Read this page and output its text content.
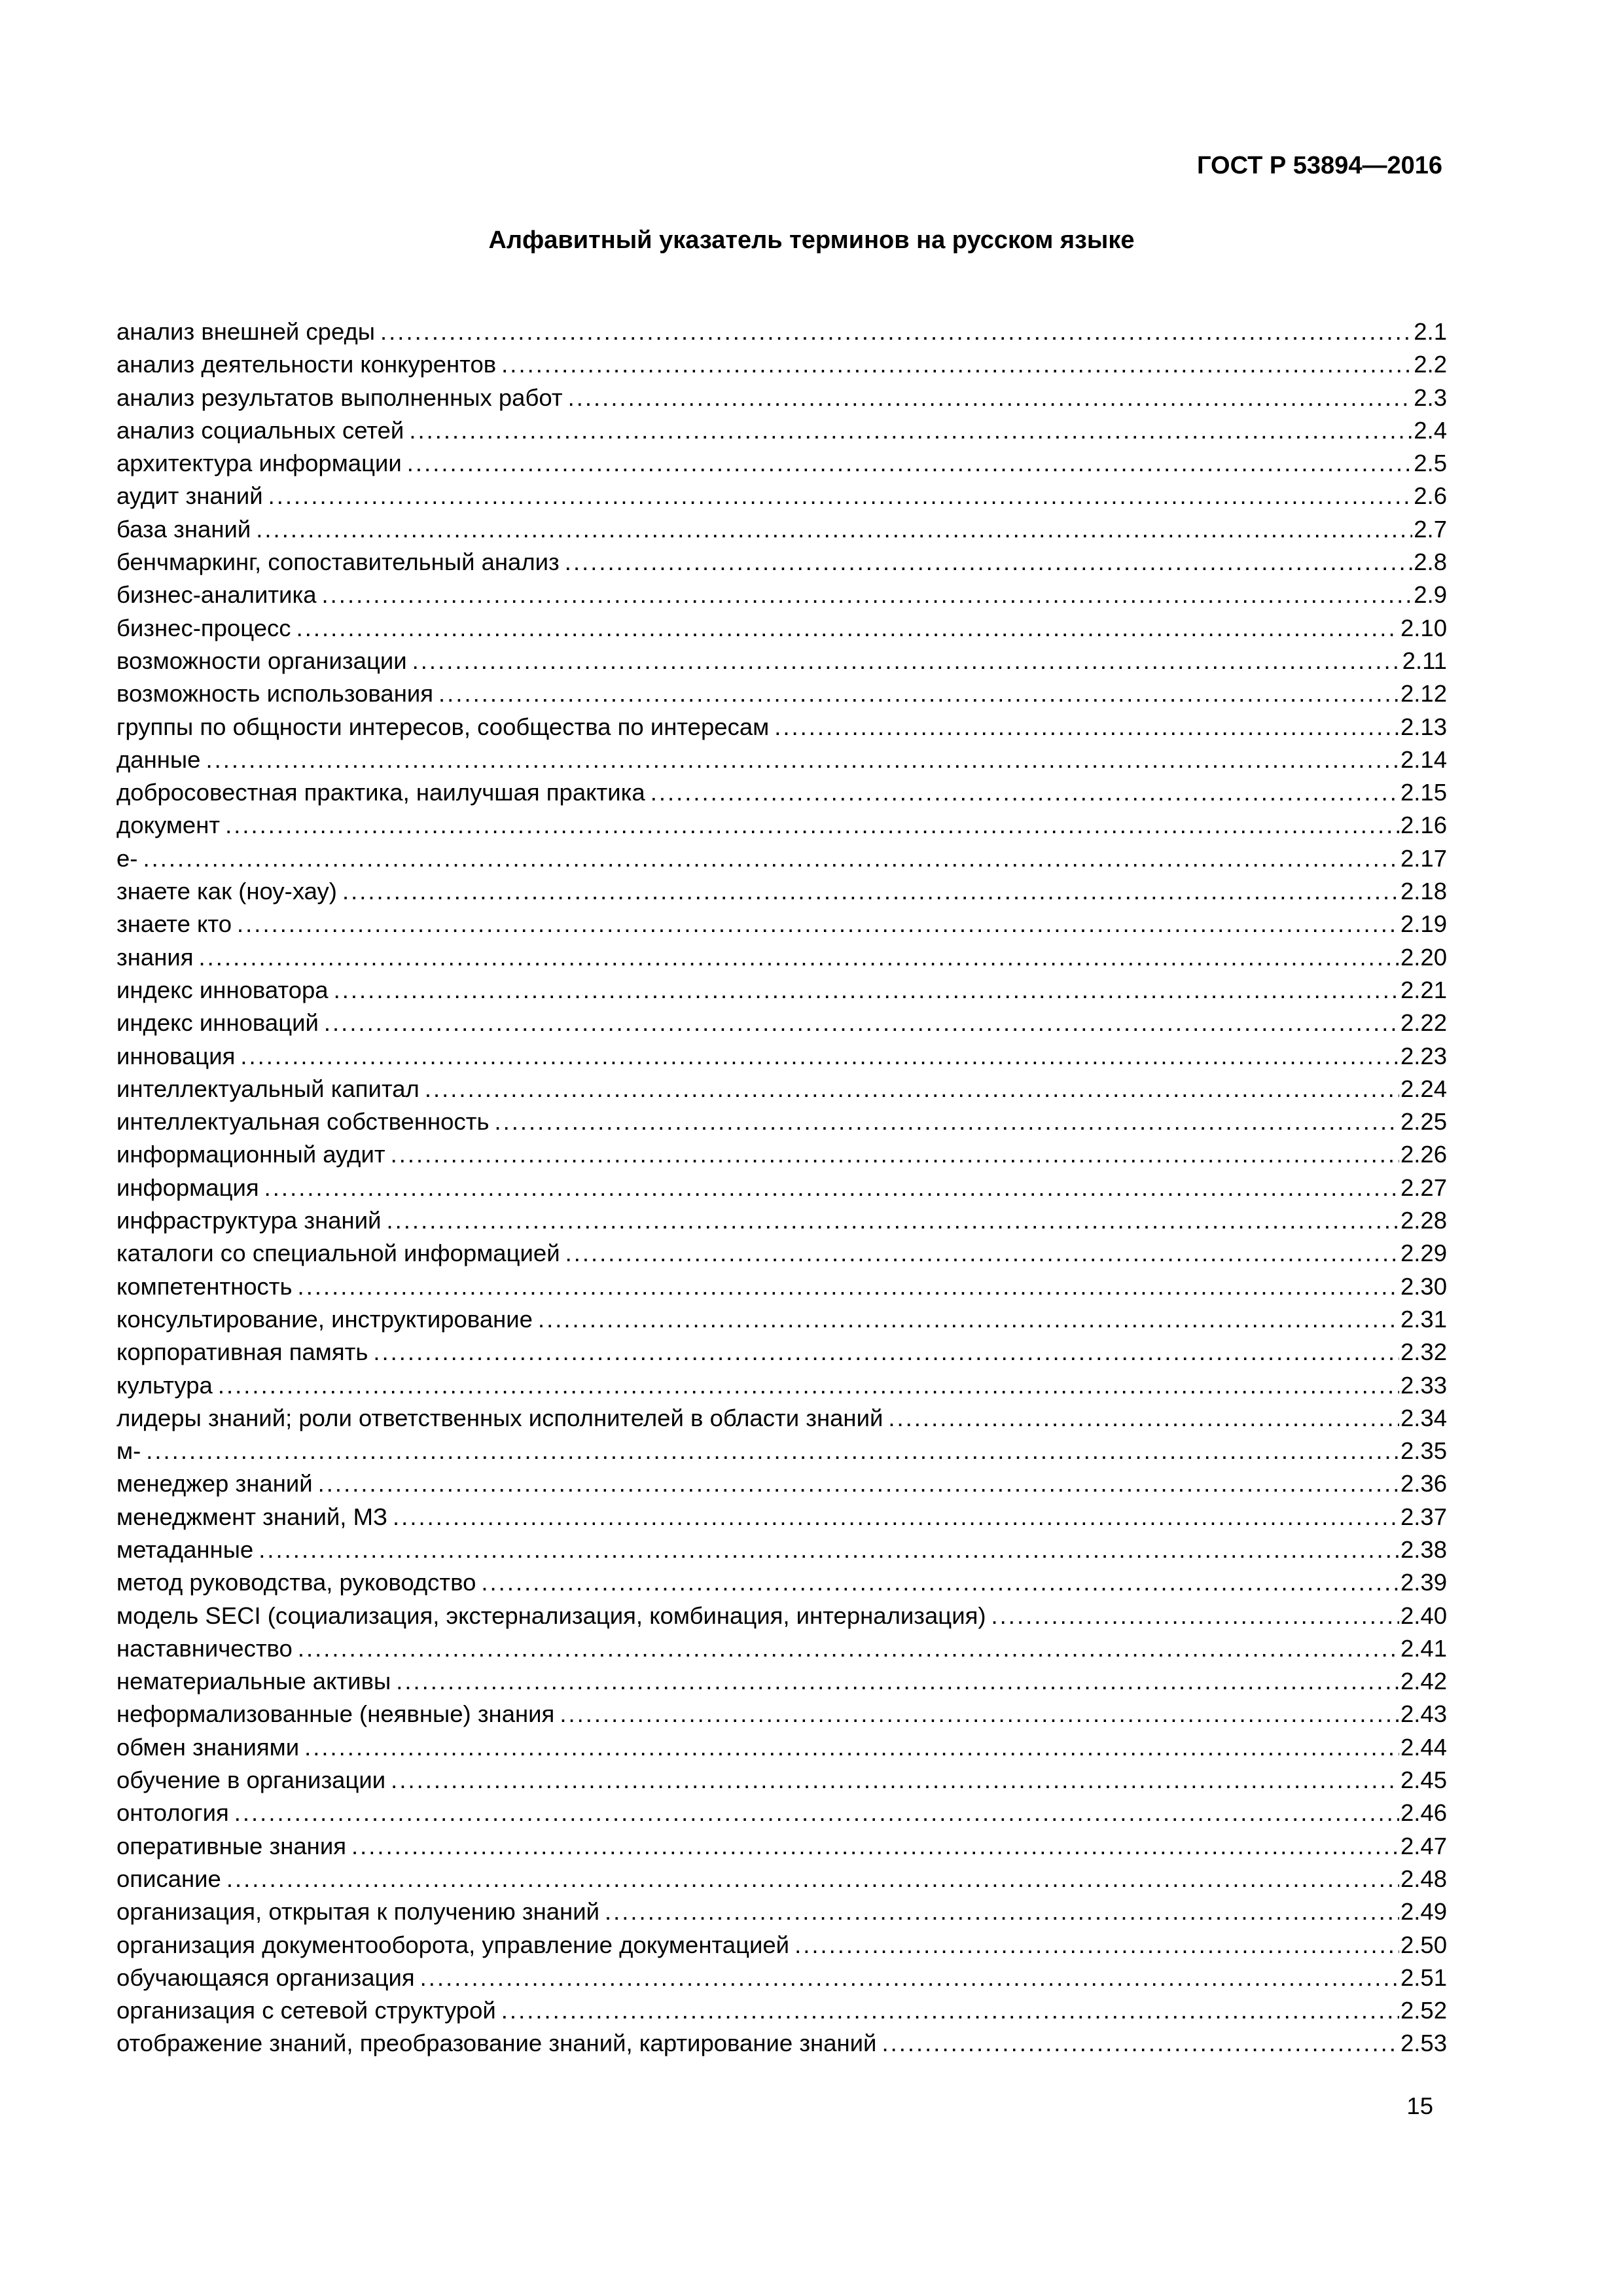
ГОСТ Р 53894—2016
Алфавитный указатель терминов на русском языке
анализ внешней среды .....	2.1
анализ деятельности конкурентов .....	2.2
анализ результатов выполненных работ .....	2.3
анализ социальных сетей .....	2.4
архитектура информации .....	2.5
аудит знаний .....	2.6
база знаний .....	2.7
бенчмаркинг, сопоставительный анализ .....	2.8
бизнес-аналитика .....	2.9
бизнес-процесс .....	2.10
возможности организации .....	2.11
возможность использования .....	2.12
группы по общности интересов, сообщества по интересам .....	2.13
данные .....	2.14
добросовестная практика, наилучшая практика .....	2.15
документ .....	2.16
е- .....	2.17
знаете как (ноу-хау) .....	2.18
знаете кто .....	2.19
знания .....	2.20
индекс инноватора .....	2.21
индекс инноваций .....	2.22
инновация .....	2.23
интеллектуальный капитал .....	2.24
интеллектуальная собственность .....	2.25
информационный аудит .....	2.26
информация .....	2.27
инфраструктура знаний .....	2.28
каталоги со специальной информацией .....	2.29
компетентность .....	2.30
консультирование, инструктирование .....	2.31
корпоративная память .....	2.32
культура .....	2.33
лидеры знаний; роли ответственных исполнителей в области знаний .....	2.34
м- .....	2.35
менеджер знаний .....	2.36
менеджмент знаний, МЗ .....	2.37
метаданные .....	2.38
метод руководства, руководство .....	2.39
модель SECI (социализация, экстернализация, комбинация, интернализация) .....	2.40
наставничество .....	2.41
нематериальные активы .....	2.42
неформализованные (неявные) знания .....	2.43
обмен знаниями .....	2.44
обучение в организации .....	2.45
онтология .....	2.46
оперативные знания .....	2.47
описание .....	2.48
организация, открытая к получению знаний .....	2.49
организация документооборота, управление документацией .....	2.50
обучающаяся организация .....	2.51
организация с сетевой структурой .....	2.52
отображение знаний, преобразование знаний, картирование знаний .....	2.53
15
